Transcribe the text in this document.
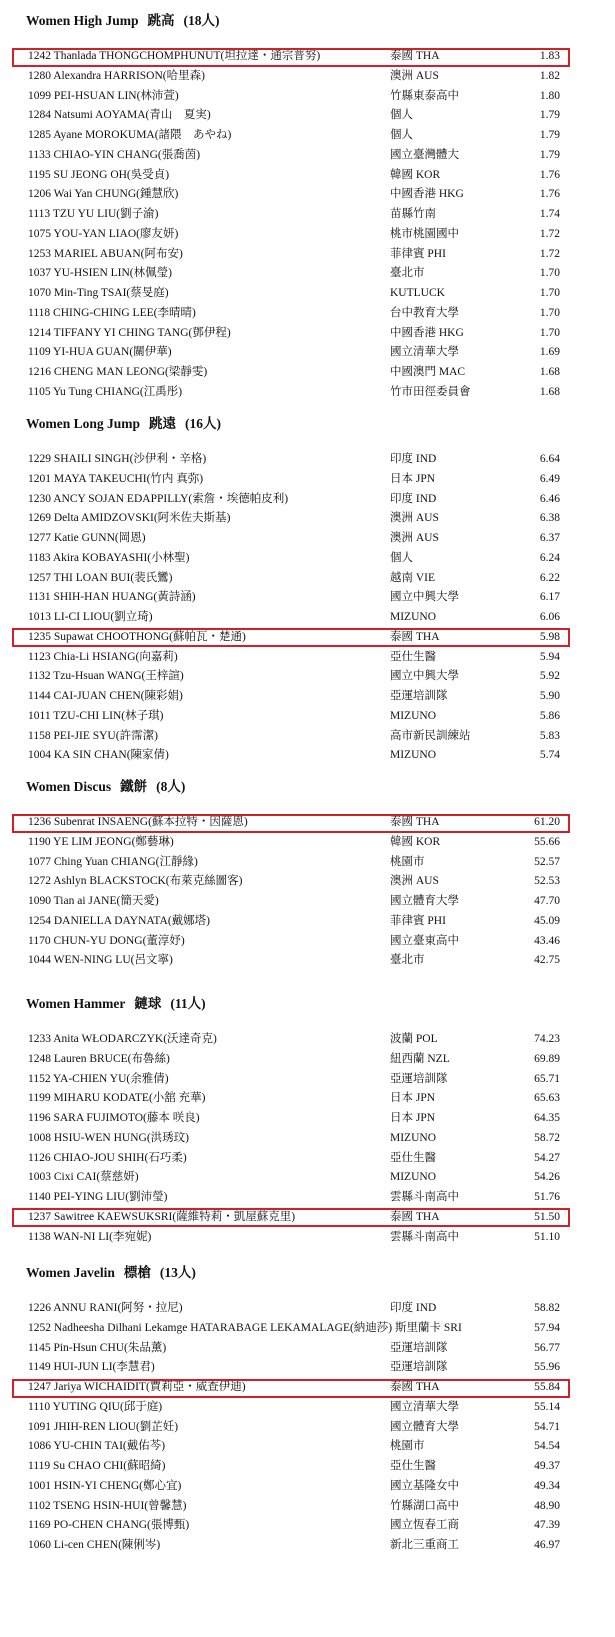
Women High Jump 跳高 (18人)
1242 Thanlada THONGCHOMPHUNUT(坦拉達・通宗普努)	泰國 THA	1.83
1280 Alexandra HARRISON(哈里森)	澳洲 AUS	1.82
1099 PEI-HSUAN LIN(林沛萱)	竹縣東泰高中	1.80
1284 Natsumi AOYAMA(青山　夏実)	個人	1.79
1285 Ayane MOROKUMA(諸隈　あやね)	個人	1.79
1133 CHIAO-YIN CHANG(張喬茵)	國立臺灣體大	1.79
1195 SU JEONG OH(吳受貞)	韓國 KOR	1.76
1206 Wai Yan CHUNG(鍾慧欣)	中國香港 HKG	1.76
1113 TZU YU LIU(劉子渝)	苗縣竹南	1.74
1075 YOU-YAN LIAO(廖友妍)	桃市桃園國中	1.72
1253 MARIEL ABUAN(阿布安)	菲律賓 PHI	1.72
1037 YU-HSIEN LIN(林佩瑩)	臺北市	1.70
1070 Min-Ting TSAI(蔡旻庭)	KUTLUCK	1.70
1118 CHING-CHING LEE(李晴晴)	台中教育大學	1.70
1214 TIFFANY YI CHING TANG(鄧伊程)	中國香港 HKG	1.70
1109 YI-HUA GUAN(關伊華)	國立清華大學	1.69
1216 CHENG MAN LEONG(梁靜雯)	中國澳門 MAC	1.68
1105 Yu Tung CHIANG(江禹彤)	竹市田徑委員會	1.68
Women Long Jump 跳遠 (16人)
1229 SHAILI SINGH(沙伊利・辛格)	印度 IND	6.64
1201 MAYA TAKEUCHI(竹内 真弥)	日本 JPN	6.49
1230 ANCY SOJAN EDAPPILLY(索詹・埃德帕皮利)	印度 IND	6.46
1269 Delta AMIDZOVSKI(阿米佐夫斯基)	澳洲 AUS	6.38
1277 Katie GUNN(岡恩)	澳洲 AUS	6.37
1183 Akira KOBAYASHI(小林聖)	個人	6.24
1257 THI LOAN BUI(裴氏鸞)	越南 VIE	6.22
1131 SHIH-HAN HUANG(黃詩涵)	國立中興大學	6.17
1013 LI-CI LIOU(劉立琦)	MIZUNO	6.06
1235 Supawat CHOOTHONG(蘇帕瓦・楚通)	泰國 THA	5.98
1123 Chia-Li HSIANG(向嘉莉)	亞仕生醫	5.94
1132 Tzu-Hsuan WANG(王梓諠)	國立中興大學	5.92
1144 CAI-JUAN CHEN(陳彩娟)	亞運培訓隊	5.90
1011 TZU-CHI LIN(林子琪)	MIZUNO	5.86
1158 PEI-JIE SYU(許霈潔)	高市新民訓練站	5.83
1004 KA SIN CHAN(陳家倩)	MIZUNO	5.74
Women Discus 鐵餅 (8人)
1236 Subenrat INSAENG(蘇本拉特・因薩恩)	泰國 THA	61.20
1190 YE LIM JEONG(鄭藝琳)	韓國 KOR	55.66
1077 Ching Yuan CHIANG(江靜緣)	桃園市	52.57
1272 Ashlyn BLACKSTOCK(布萊克絲圖客)	澳洲 AUS	52.53
1090 Tian ai JANE(簡天愛)	國立體育大學	47.70
1254 DANIELLA DAYNATA(戴娜塔)	菲律賓 PHI	45.09
1170 CHUN-YU DONG(董淳妤)	國立臺東高中	43.46
1044 WEN-NING LU(呂文寧)	臺北市	42.75
Women Hammer 鏈球 (11人)
1233 Anita WŁODARCZYK(沃達奇克)	波蘭 POL	74.23
1248 Lauren BRUCE(布魯絲)	紐西蘭 NZL	69.89
1152 YA-CHIEN YU(余雅倩)	亞運培訓隊	65.71
1199 MIHARU KODATE(小舘 充華)	日本 JPN	65.63
1196 SARA FUJIMOTO(藤本 咲良)	日本 JPN	64.35
1008 HSIU-WEN HUNG(洪琇玟)	MIZUNO	58.72
1126 CHIAO-JOU SHIH(石巧柔)	亞仕生醫	54.27
1003 Cixi CAI(蔡慈妍)	MIZUNO	54.26
1140 PEI-YING LIU(劉沛瑩)	雲縣斗南高中	51.76
1237 Sawitree KAEWSUKSRI(薩維特莉・凱屋蘇克里)	泰國 THA	51.50
1138 WAN-NI LI(李宛妮)	雲縣斗南高中	51.10
Women Javelin 標槍 (13人)
1226 ANNU RANI(阿努・拉尼)	印度 IND	58.82
1252 Nadheesha Dilhani Lekamge HATARABAGE LEKAMALAGE(納迪莎) 斯里蘭卡 SRI	57.94
1145 Pin-Hsun CHU(朱品薰)	亞運培訓隊	56.77
1149 HUI-JUN LI(李慧君)	亞運培訓隊	55.96
1247 Jariya WICHAIDIT(賈莉亞・威查伊迪)	泰國 THA	55.84
1110 YUTING QIU(邱于庭)	國立清華大學	55.14
1091 JHIH-REN LIOU(劉芷妊)	國立體育大學	54.71
1086 YU-CHIN TAI(戴佑芩)	桃園市	54.54
1119 Su CHAO CHI(蘇昭綺)	亞仕生醫	49.37
1001 HSIN-YI CHENG(鄭心宜)	國立基隆女中	49.34
1102 TSENG HSIN-HUI(曾馨慧)	竹縣湖口高中	48.90
1169 PO-CHEN CHANG(張博甄)	國立恆春工商	47.39
1060 Li-cen CHEN(陳俐岑)	新北三重商工	46.97
